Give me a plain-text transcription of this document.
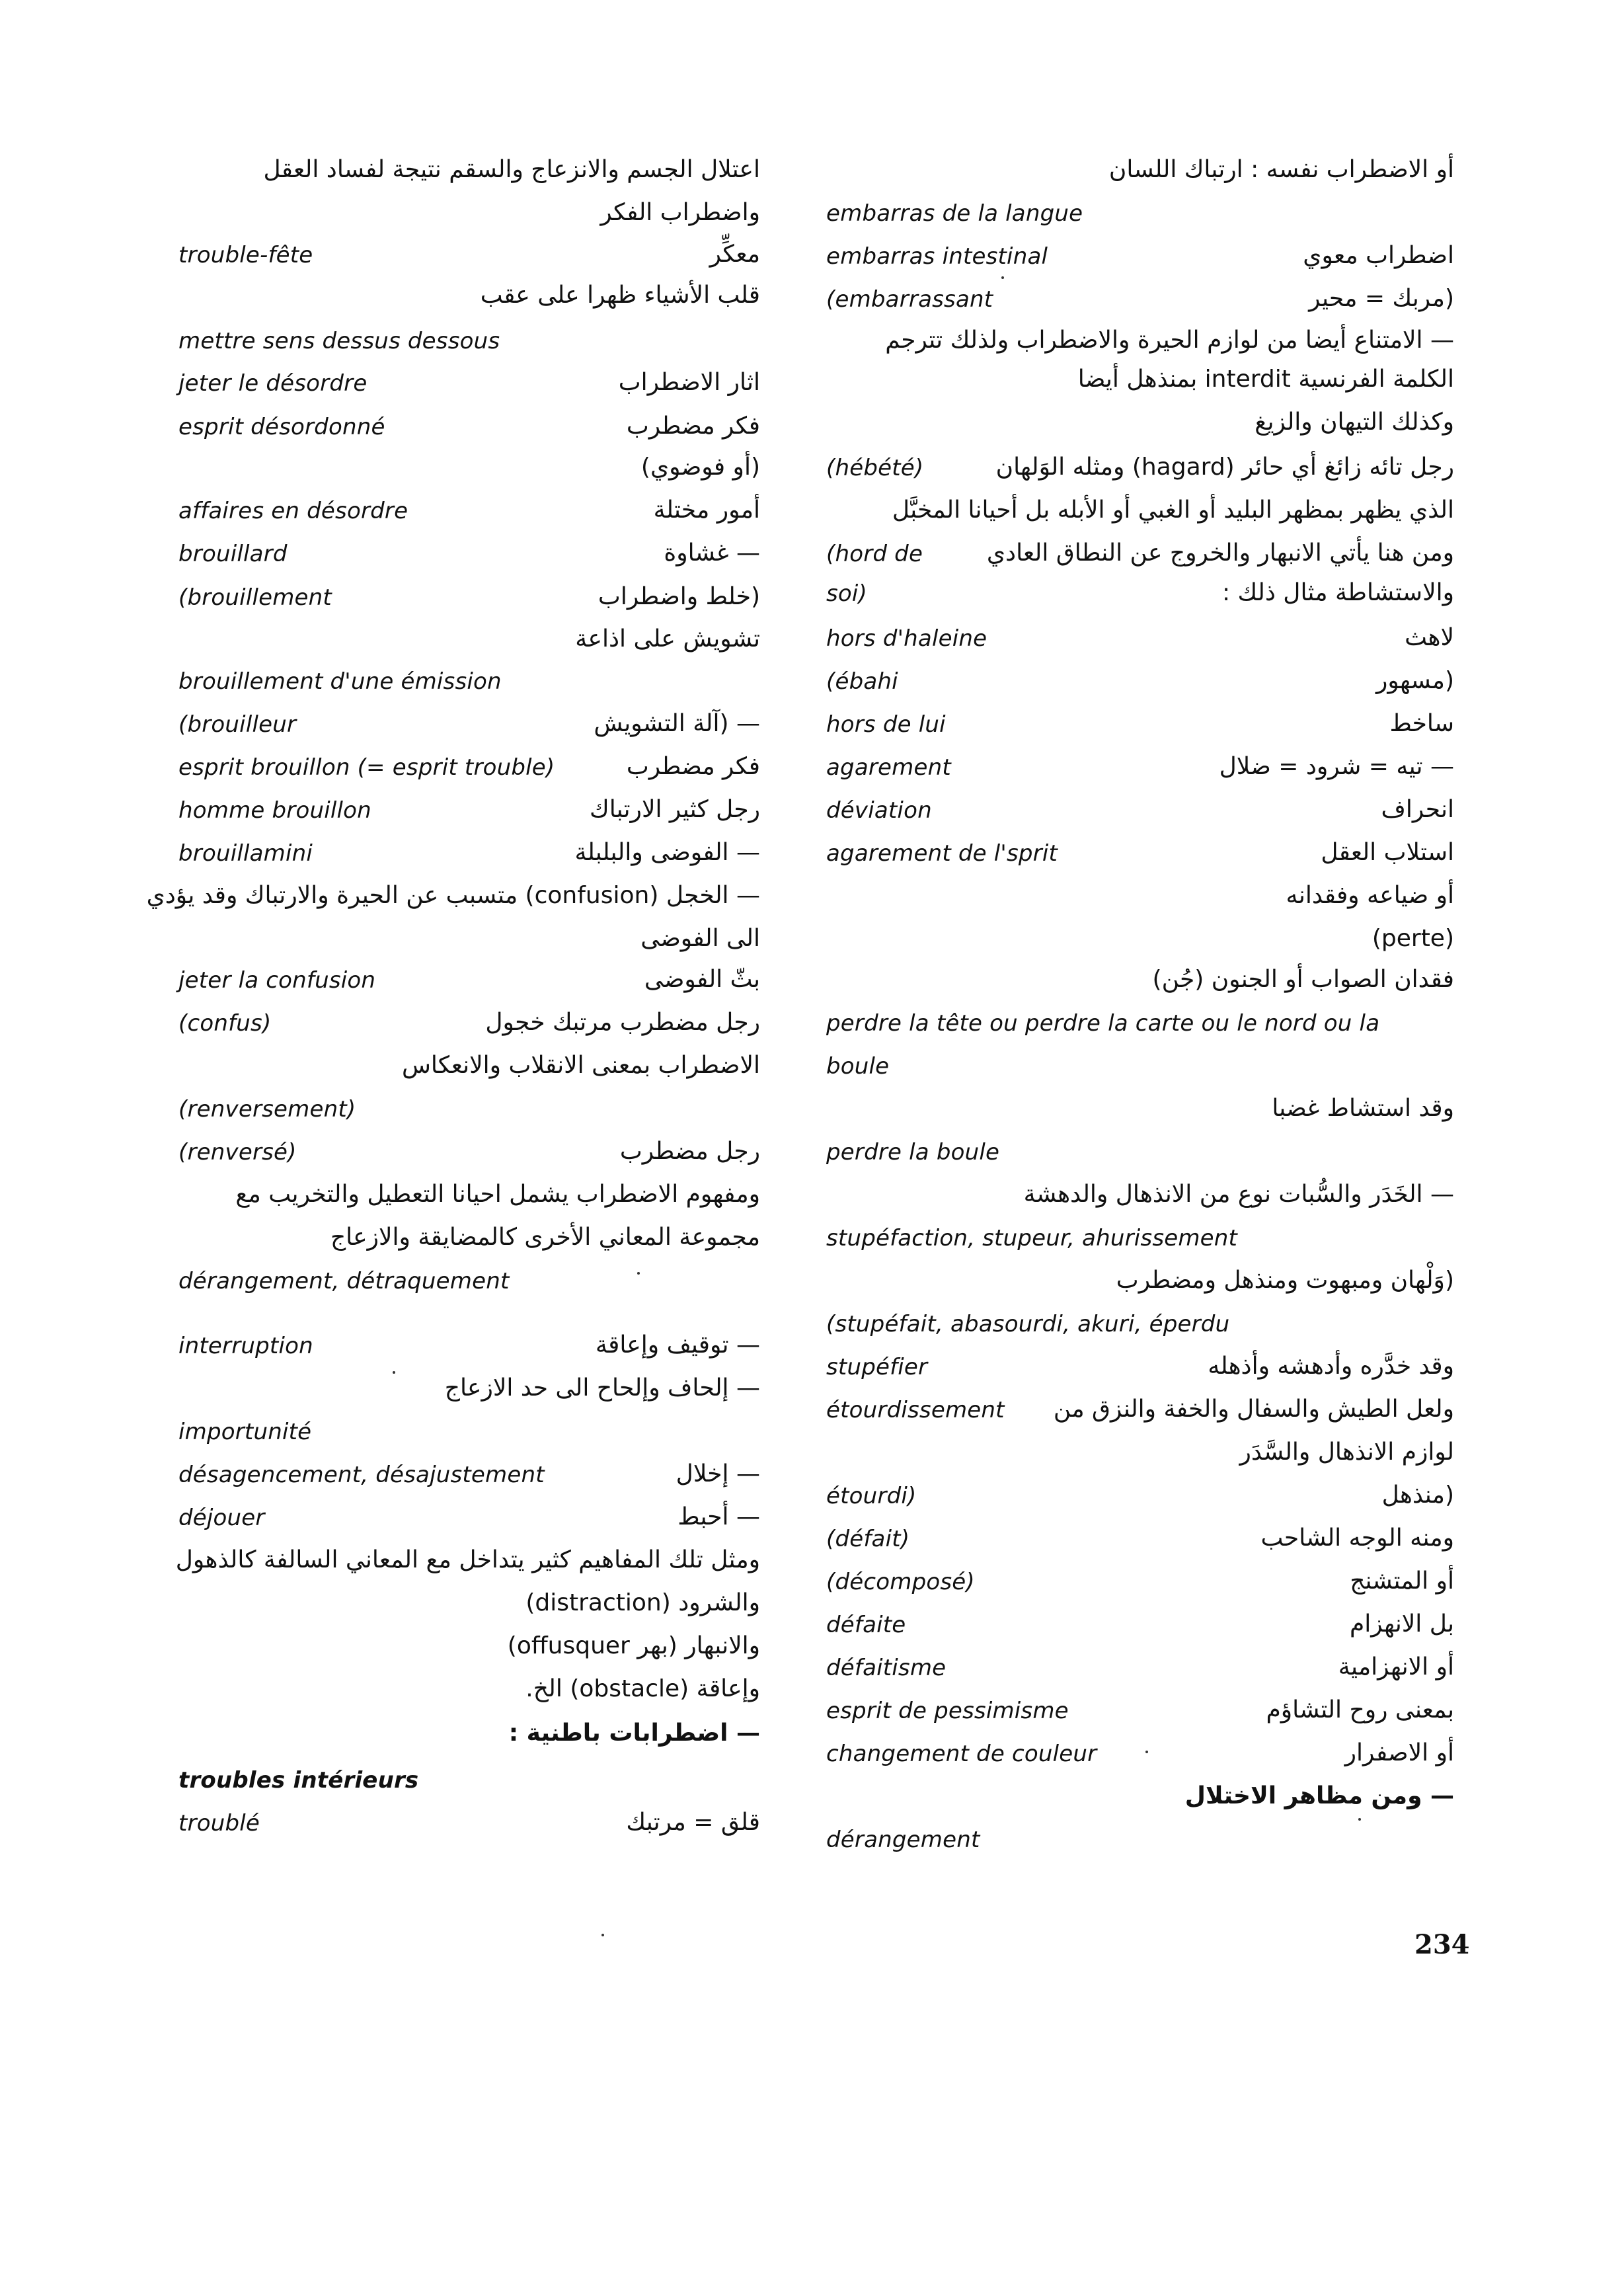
أو الاضطراب نفسه : ارتباك اللسان
embarras de la langue
embarras intestinal	اضطراب معوي
(embarrassant	(مربك = محير
— الامتناع أيضا من لوازم الحيرة والاضطراب ولذلك تترجم
الكلمة الفرنسية interdit بمنذهل أيضا
وكذلك التيهان والزيغ
(hébété)	رجل تائه زائغ أي حائر (hagard) ومثله الوَلهان
الذي يظهر بمظهر البليد أو الغبي أو الأبله بل أحيانا المخبَّل
(hord de	ومن هنا يأتي الانبهار والخروج عن النطاق العادي
soi)	والاستشاطة مثال ذلك :
hors d'haleine	لاهث
(ébahi	(مسهور
hors de lui	ساخط
agarement	— تيه = شرود = ضلال
déviation	انحراف
agarement de l'sprit	استلاب العقل
أو ضياعه وفقدانه
(perte)
فقدان الصواب أو الجنون (جُن)
perdre la tête ou perdre la carte ou le nord ou la
boule
وقد استشاط غضبا
perdre la boule
— الخَدَر والسُّبات نوع من الانذهال والدهشة
stupéfaction, stupeur, ahurissement
(وَلْهان ومبهوت ومنذهل ومضطرب
(stupéfait, abasourdi, akuri, éperdu
stupéfier	وقد خدَّره وأدهشه وأذهله
étourdissement ولعل الطيش والسفال والخفة والنزق من
لوازم الانذهال والسَّدَر
étourdi)	(منذهل
(défait)	ومنه الوجه الشاحب
(décomposé)	أو المتشنج
défaite	بل الانهزام
défaitisme	أو الانهزامية
esprit de pessimisme	بمعنى روح التشاؤم
changement de couleur	أو الاصفرار
— ومن مظاهر الاختلال
dérangement
اعتلال الجسم والانزعاج والسقم نتيجة لفساد العقل
واضطراب الفكر
trouble-fête	معكِّر
قلب الأشياء ظهرا على عقب
mettre sens dessus dessous
jeter le désordre	اثار الاضطراب
esprit désordonné	فكر مضطرب
(أو فوضوي)
affaires en désordre	أمور مختلة
brouillard	— غشاوة
(brouillement	(خلط واضطراب
تشويش على اذاعة
brouillement d'une émission
(brouilleur	— (آلة التشويش
esprit brouillon (= esprit trouble)	فكر مضطرب
homme brouillon	رجل كثير الارتباك
brouillamini	— الفوضى والبلبلة
— الخجل (confusion) متسبب عن الحيرة والارتباك وقد يؤدي
الى الفوضى
jeter la confusion	بثّ الفوضى
(confus)	رجل مضطرب مرتبك خجول
الاضطراب بمعنى الانقلاب والانعكاس
(renversement)
(renversé)	رجل مضطرب
ومفهوم الاضطراب يشمل احيانا التعطيل والتخريب مع
مجموعة المعاني الأخرى كالمضايقة والازعاج
dérangement, détraquement
interruption	— توقيف وإعاقة
— إلحاف وإلحاح الى حد الازعاج
importunité
désagencement, désajustement	— إخلال
déjouer	— أحبط
ومثل تلك المفاهيم كثير يتداخل مع المعاني السالفة كالذهول
والشرود (distraction)
والانبهار (بهر offusquer)
وإعاقة (obstacle) الخ.
— اضطرابات باطنية :
troubles intérieurs
troublé	قلق = مرتبك
234
